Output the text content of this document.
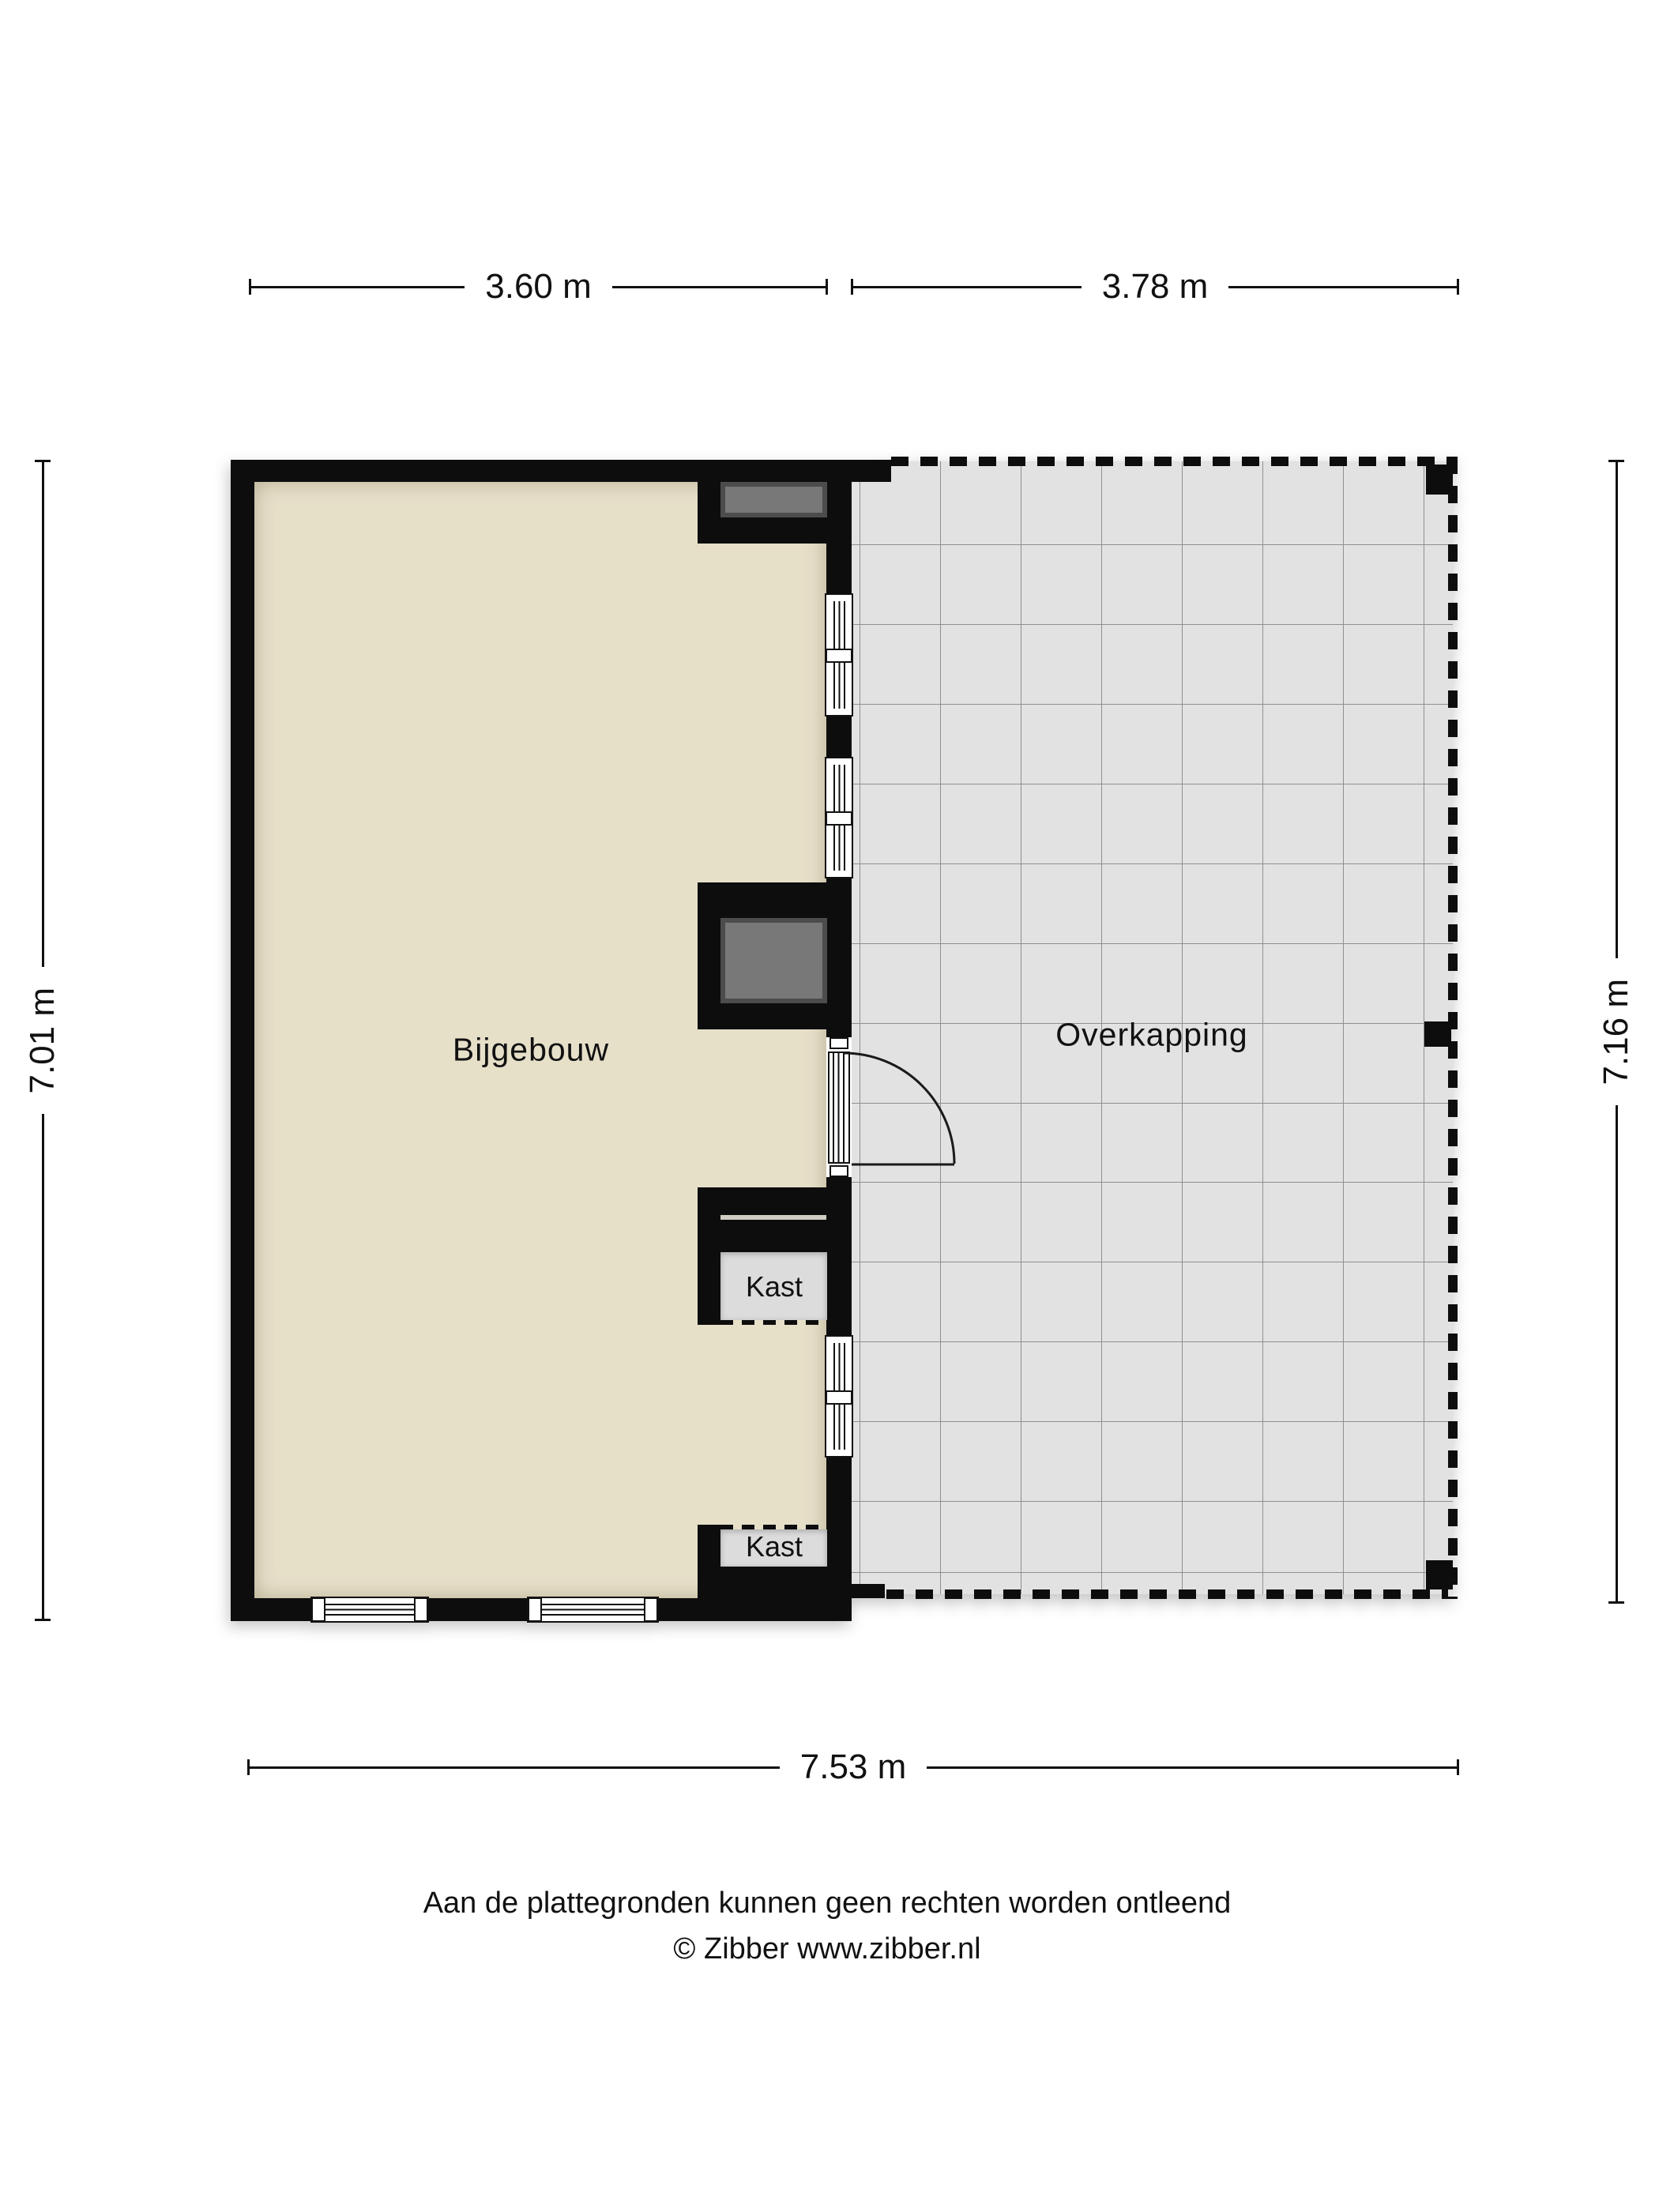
Bijgebouw	Overkapping
Kast
Kast
3.60 m	3.78 m
7.01 m	7.16 m
7.53 m
Aan de plattegronden kunnen geen rechten worden ontleend
© Zibber www.zibber.nl
